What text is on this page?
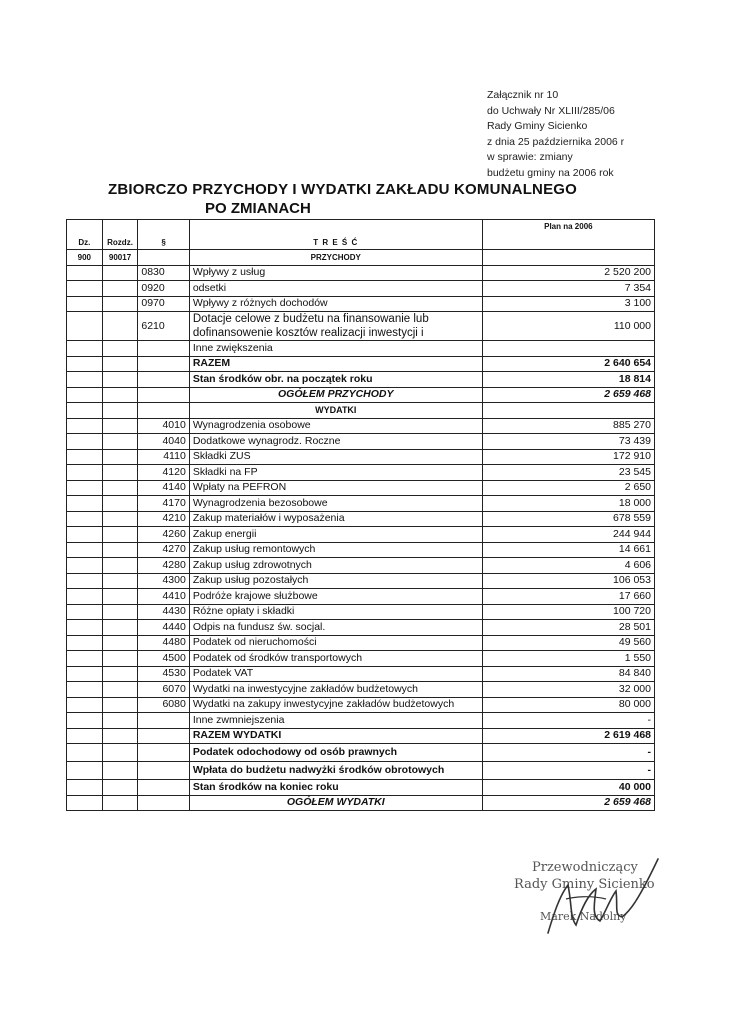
Załącznik nr 10
do Uchwały Nr XLIII/285/06
Rady Gminy Sicienko
z dnia 25 października 2006 r
w sprawie: zmiany
budżetu gminy na 2006 rok
ZBIORCZO PRZYCHODY I WYDATKI ZAKŁADU KOMUNALNEGO
PO ZMIANACH
Dz.	Rozdz.	§	T R E Ś Ć	Plan na 2006
900	90017		PRZYCHODY	
		0830	Wpływy z usług	2 520 200
		0920	odsetki	7 354
		0970	Wpływy z różnych dochodów	3 100
		6210	Dotacje celowe z budżetu na finansowanie lub dofinansowenie kosztów realizacji inwestycji i	110 000
			Inne zwiększenia	
			RAZEM	2 640 654
			Stan środków obr. na początek roku	18 814
			OGÓŁEM PRZYCHODY	2 659 468
			WYDATKI	
		4010	Wynagrodzenia osobowe	885 270
		4040	Dodatkowe wynagrodz. Roczne	73 439
		4110	Składki ZUS	172 910
		4120	Składki na FP	23 545
		4140	Wpłaty na PEFRON	2 650
		4170	Wynagrodzenia bezosobowe	18 000
		4210	Zakup materiałów i wyposażenia	678 559
		4260	Zakup energii	244 944
		4270	Zakup usług remontowych	14 661
		4280	Zakup usług zdrowotnych	4 606
		4300	Zakup usług pozostałych	106 053
		4410	Podróże krajowe służbowe	17 660
		4430	Różne opłaty i składki	100 720
		4440	Odpis na fundusz św. socjal.	28 501
		4480	Podatek od nieruchomości	49 560
		4500	Podatek od środków transportowych	1 550
		4530	Podatek VAT	84 840
		6070	Wydatki na inwestycyjne zakładów budżetowych	32 000
		6080	Wydatki na zakupy inwestycyjne zakładów budżetowych	80 000
			Inne zwmniejszenia	-
			RAZEM WYDATKI	2 619 468
			Podatek odochodowy od osób prawnych	-
			Wpłata do budżetu nadwyżki środków obrotowych	-
			Stan środków na koniec roku	40 000
			OGÓŁEM WYDATKI	2 659 468
Przewodniczący
Rady Gminy Sicienko
Marek Nadolny
